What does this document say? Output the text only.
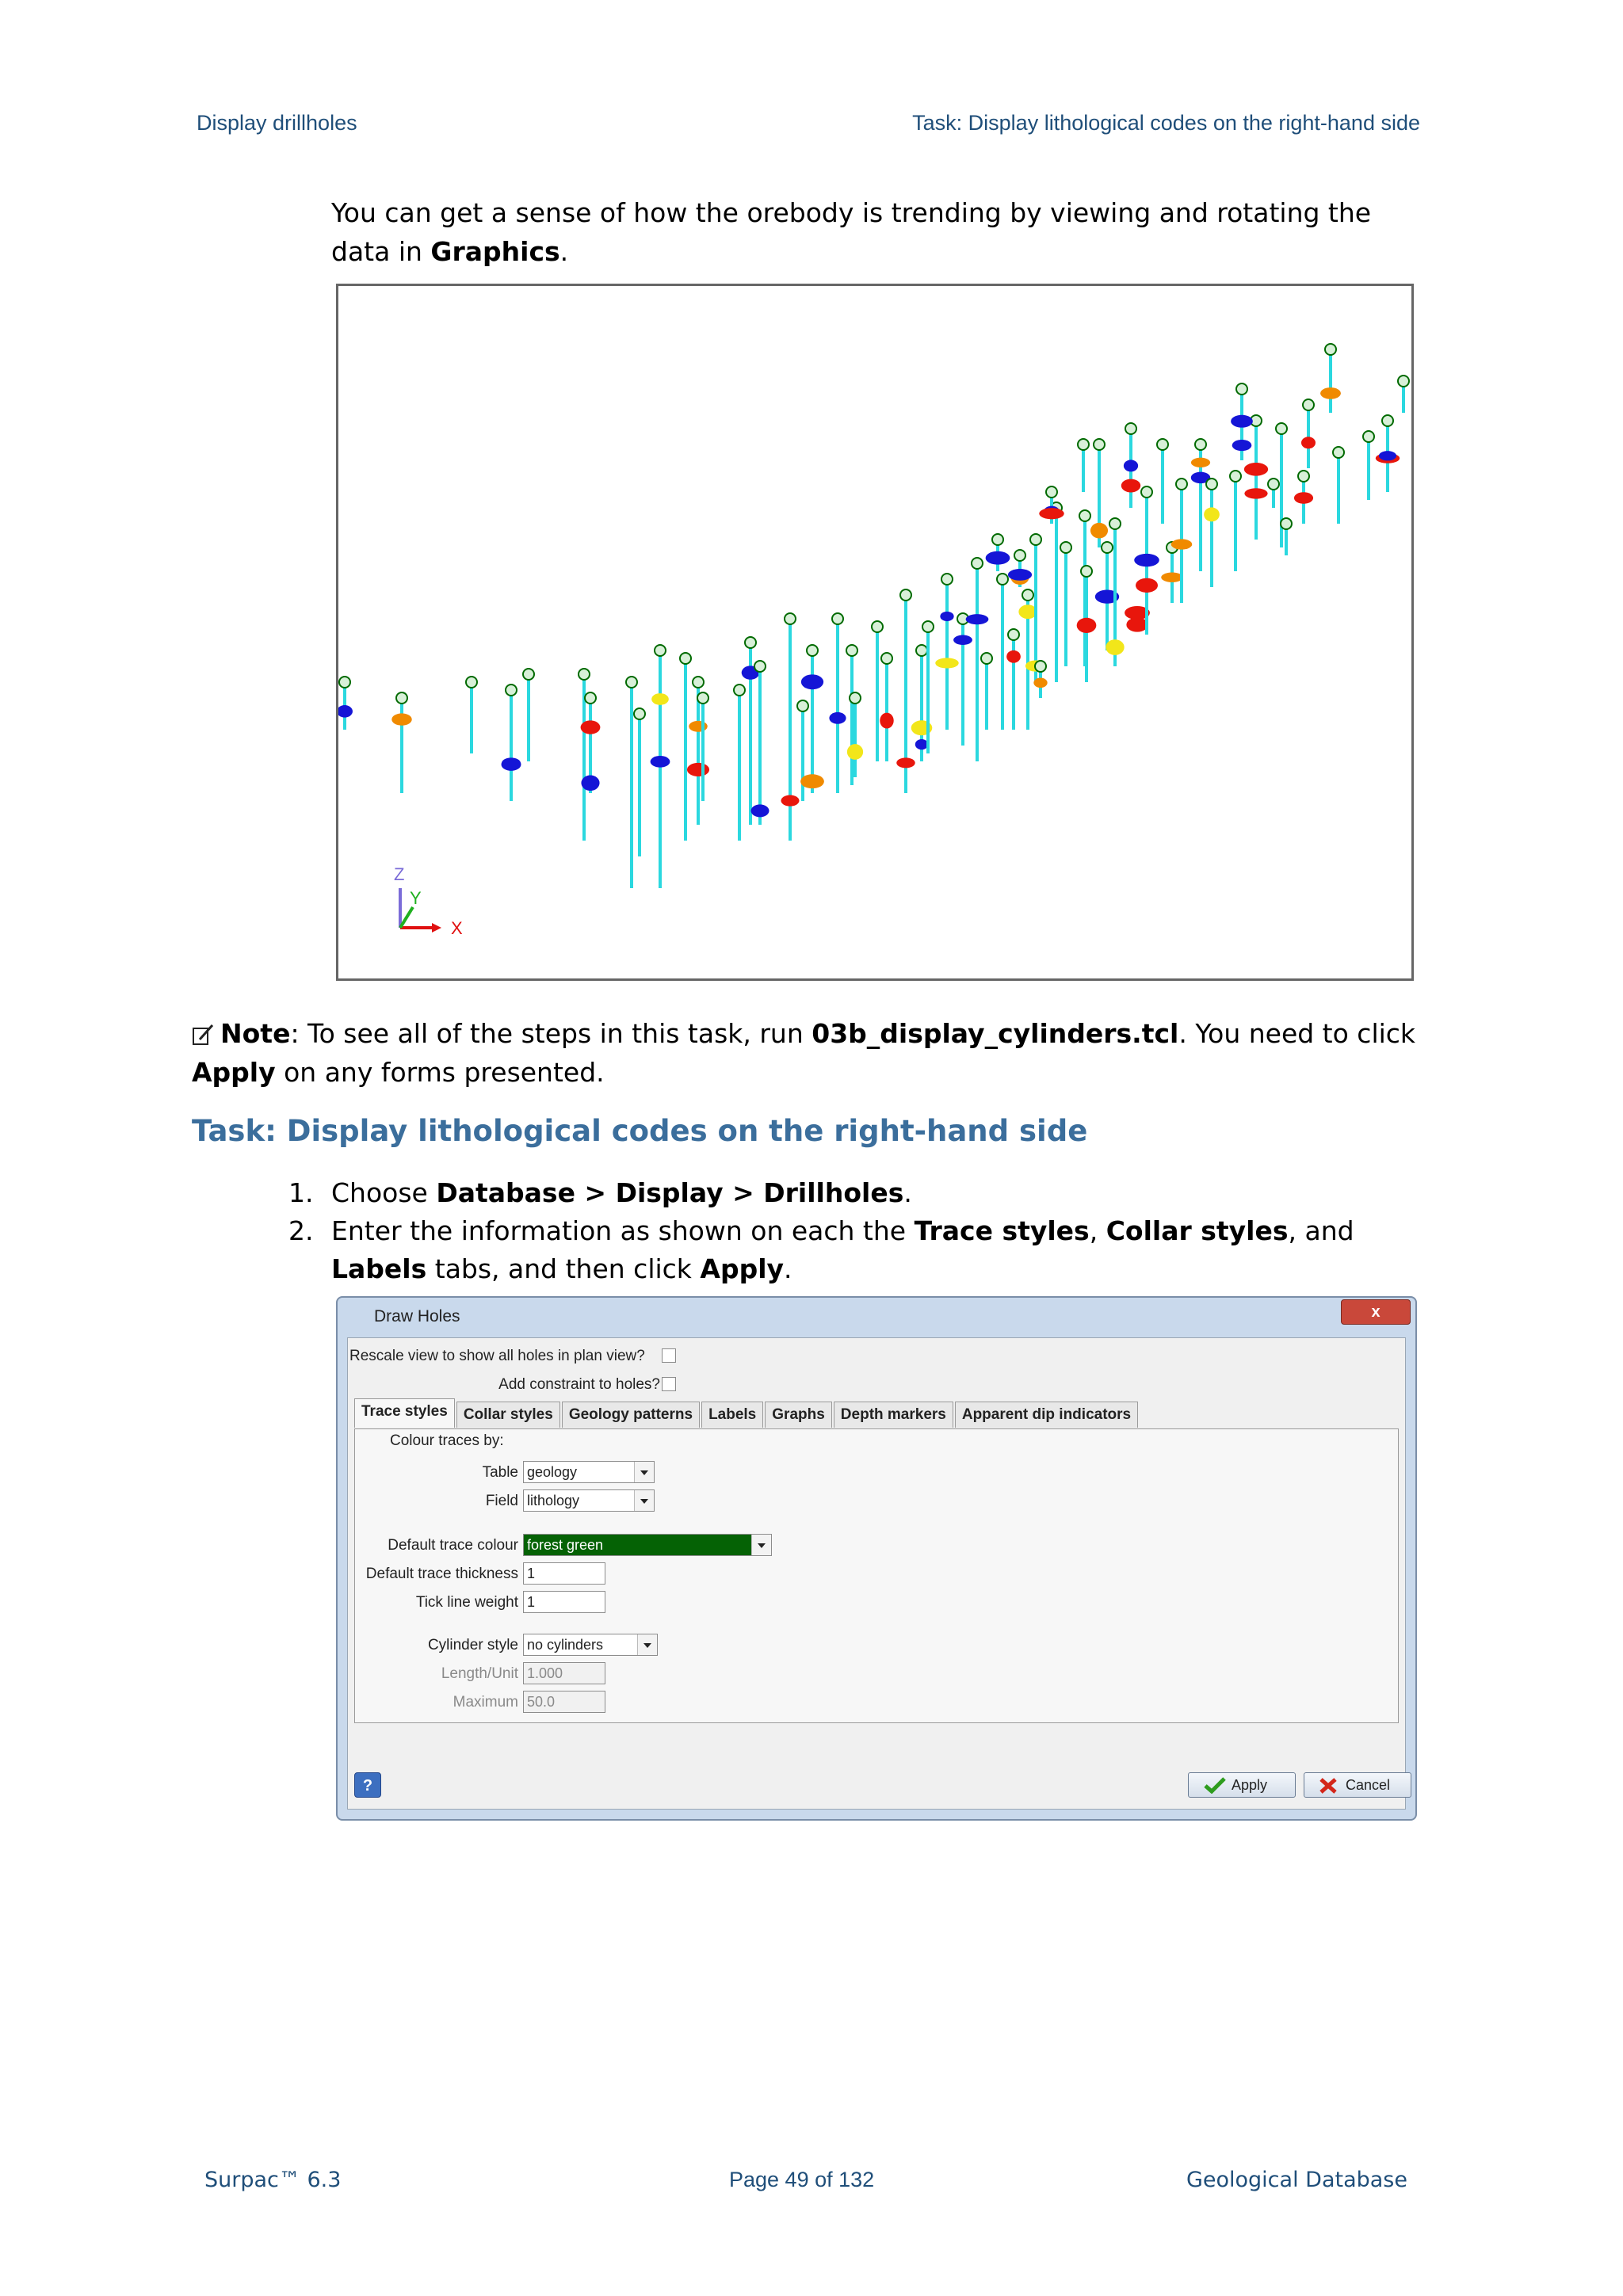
Display drillholes	Task: Display lithological codes on the right-hand side
You can get a sense of how the orebody is trending by viewing and rotating the data in Graphics.
Z
Y
X
Note: To see all of the steps in this task, run 03b_display_cylinders.tcl. You need to click Apply on any forms presented.
Task: Display lithological codes on the right-hand side
1. Choose Database > Display > Drillholes.
2. Enter the information as shown on each the Trace styles, Collar styles, and Labels tabs, and then click Apply.
Draw Holes	x
Rescale view to show all holes in plan view?
Add constraint to holes?
Trace styles	Collar styles	Geology patterns	Labels	Graphs	Depth markers	Apparent dip indicators
Colour traces by:
Table geology
Field lithology
Default trace colour forest green
Default trace thickness 1
Tick line weight 1
Cylinder style no cylinders
Length/Unit 1.000
Maximum 50.0
?	Apply	Cancel
Surpac™ 6.3	Page 49 of 132	Geological Database
